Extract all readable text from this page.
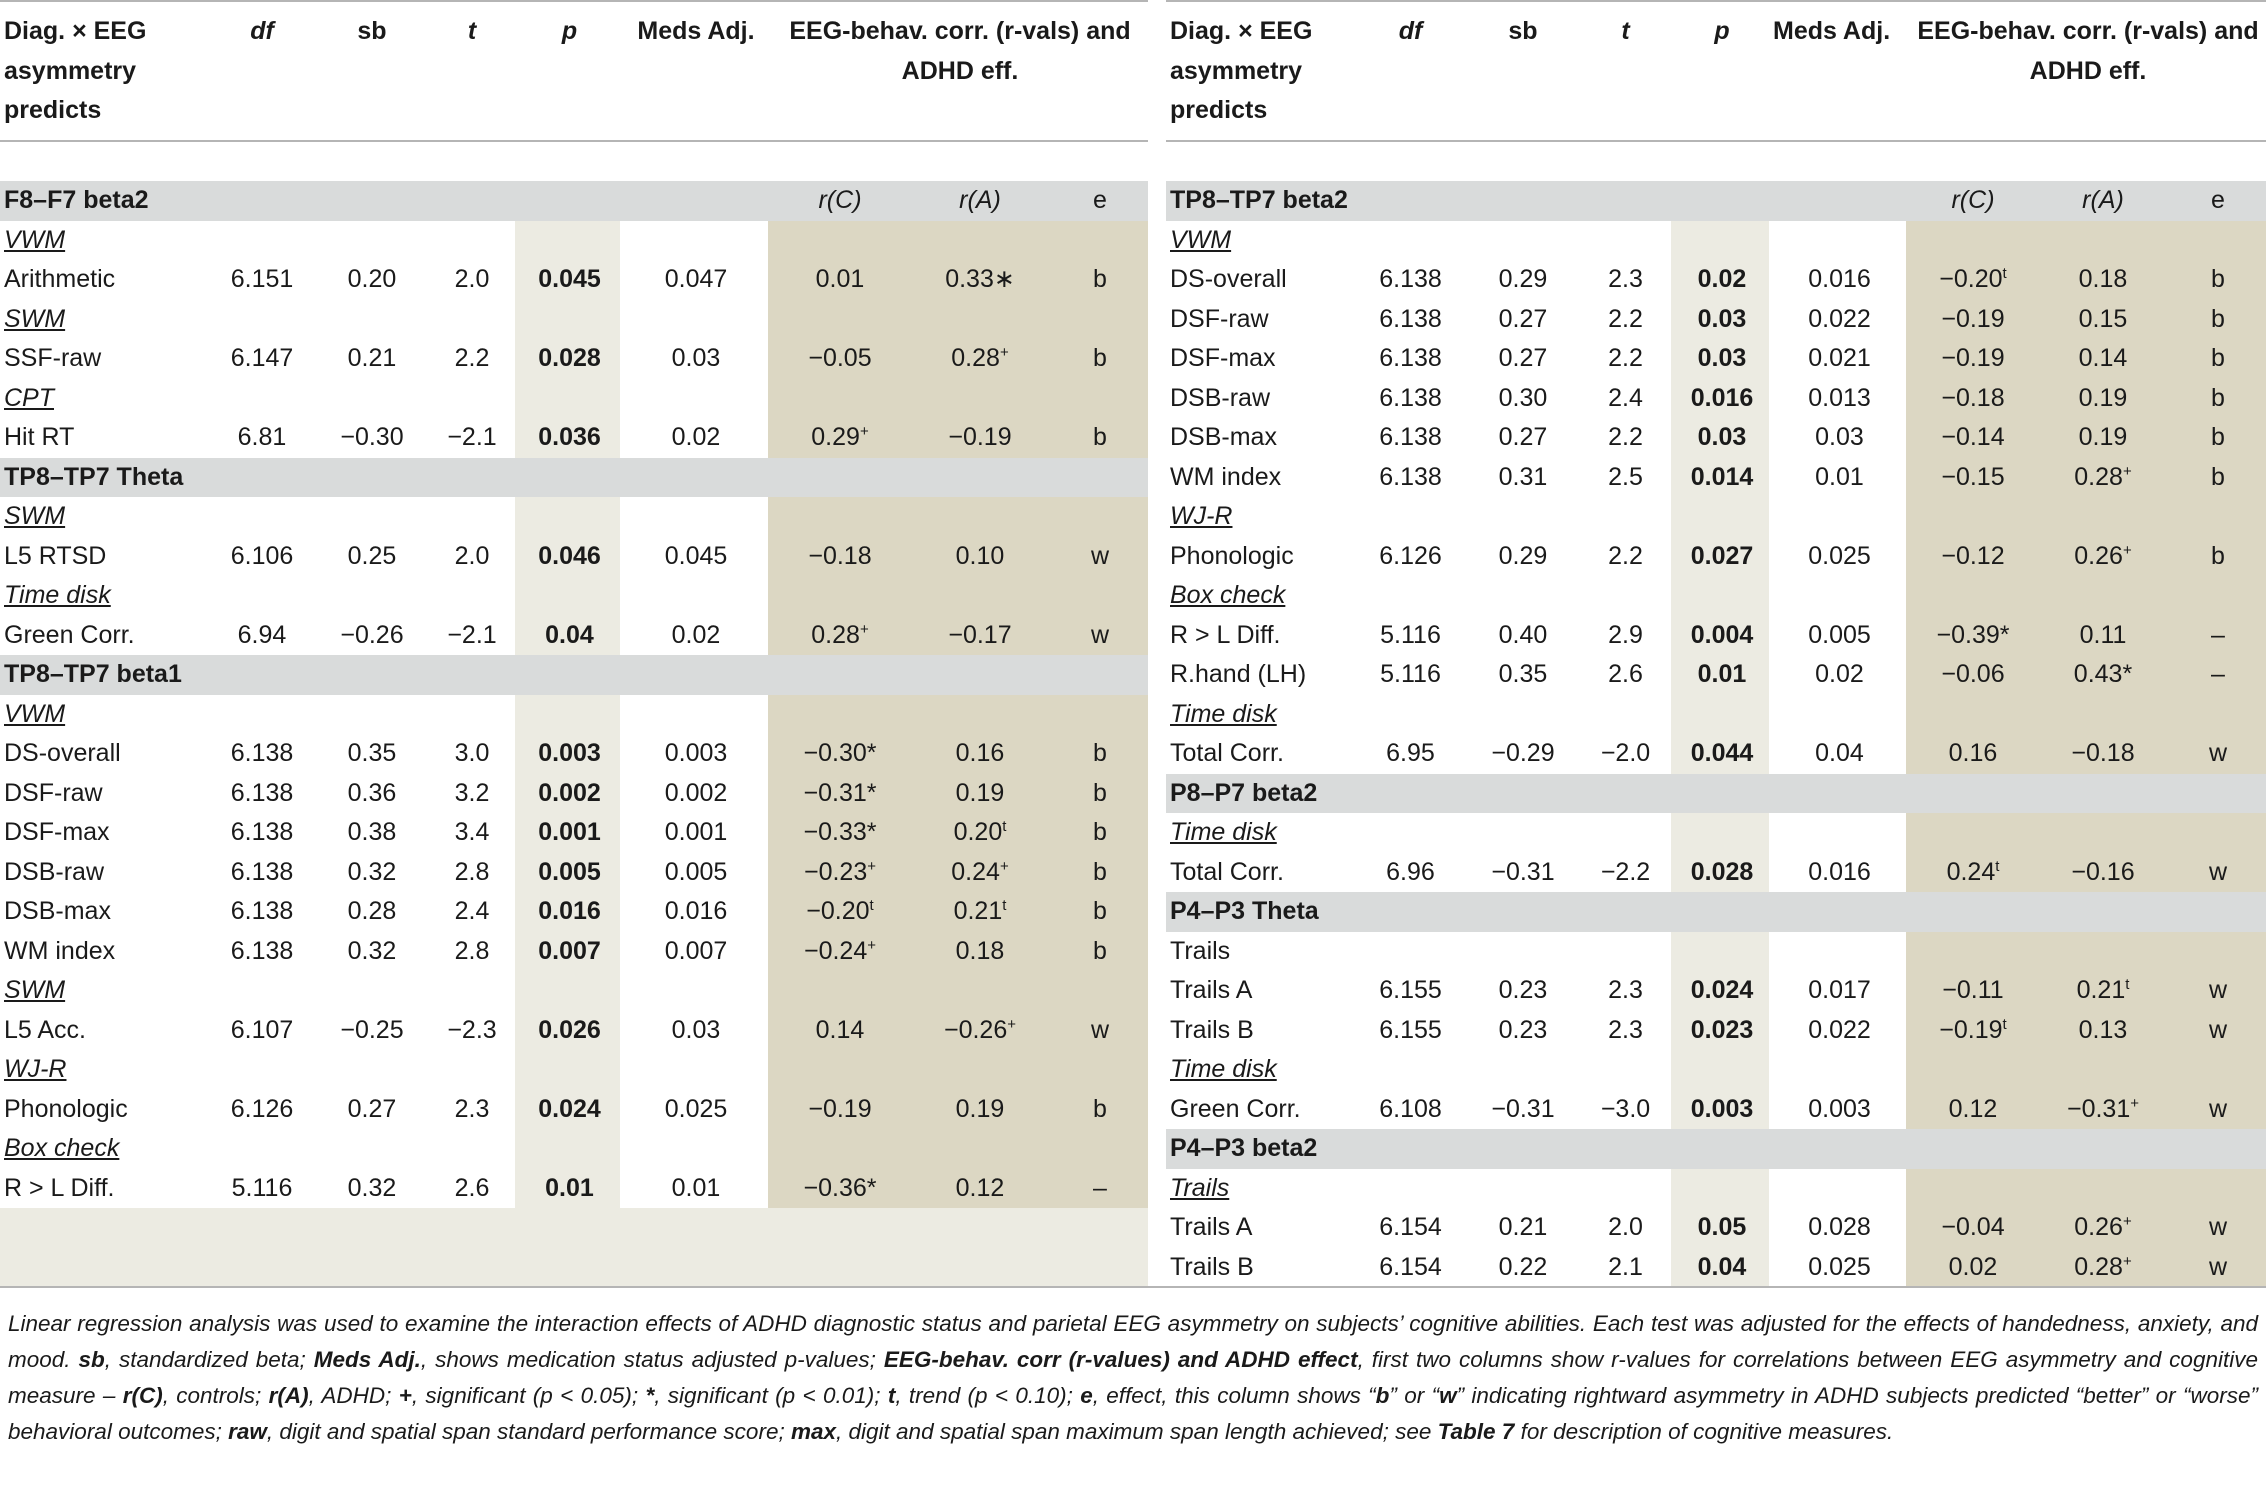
Diag. × EEG asymmetry predicts	df	sb	t	p	Meds Adj.	EEG-behav. corr. (r-vals) and ADHD eff.		

F8–F7 beta2						r(C)	r(A)	e
VWM								
Arithmetic	6.151	0.20	2.0	0.045	0.047	0.01	0.33∗	b
SWM								
SSF-raw	6.147	0.21	2.2	0.028	0.03	−0.05	0.28+	b
CPT								
Hit RT	6.81	−0.30	−2.1	0.036	0.02	0.29+	−0.19	b
TP8–TP7 Theta								
SWM								
L5 RTSD	6.106	0.25	2.0	0.046	0.045	−0.18	0.10	w
Time disk								
Green Corr.	6.94	−0.26	−2.1	0.04	0.02	0.28+	−0.17	w
TP8–TP7 beta1								
VWM								
DS-overall	6.138	0.35	3.0	0.003	0.003	−0.30*	0.16	b
DSF-raw	6.138	0.36	3.2	0.002	0.002	−0.31*	0.19	b
DSF-max	6.138	0.38	3.4	0.001	0.001	−0.33*	0.20$^t$	b
DSB-raw	6.138	0.32	2.8	0.005	0.005	−0.23+	0.24+	b
DSB-max	6.138	0.28	2.4	0.016	0.016	$-0.20^t$	0.21$^t$	b
WM index	6.138	0.32	2.8	0.007	0.007	−0.24+	0.18	b
SWM								
L5 Acc.	6.107	−0.25	−2.3	0.026	0.03	0.14	−0.26+	w
WJ-R								
Phonologic	6.126	0.27	2.3	0.024	0.025	−0.19	0.19	b
Box check								
R > L Diff.	5.116	0.32	2.6	0.01	0.01	−0.36*	0.12	–

Diag. × EEG asymmetry predicts	df	sb	t	p	Meds Adj.	EEG-behav. corr. (r-vals) and ADHD eff.		

TP8–TP7 beta2						r(C)	r(A)	e
VWM								
DS-overall	6.138	0.29	2.3	0.02	0.016	$-0.20^t$	0.18	b
DSF-raw	6.138	0.27	2.2	0.03	0.022	−0.19	0.15	b
DSF-max	6.138	0.27	2.2	0.03	0.021	−0.19	0.14	b
DSB-raw	6.138	0.30	2.4	0.016	0.013	−0.18	0.19	b
DSB-max	6.138	0.27	2.2	0.03	0.03	−0.14	0.19	b
WM index	6.138	0.31	2.5	0.014	0.01	−0.15	0.28+	b
WJ-R								
Phonologic	6.126	0.29	2.2	0.027	0.025	−0.12	0.26+	b
Box check								
R > L Diff.	5.116	0.40	2.9	0.004	0.005	−0.39*	0.11	–
R.hand (LH)	5.116	0.35	2.6	0.01	0.02	−0.06	0.43*	–
Time disk								
Total Corr.	6.95	−0.29	−2.0	0.044	0.04	0.16	−0.18	w
P8–P7 beta2								
Time disk								
Total Corr.	6.96	−0.31	−2.2	0.028	0.016	$0.24^t$	−0.16	w
P4–P3 Theta								
Trails								
Trails A	6.155	0.23	2.3	0.024	0.017	−0.11	0.21$^t$	w
Trails B	6.155	0.23	2.3	0.023	0.022	$-0.19^t$	0.13	w
Time disk								
Green Corr.	6.108	−0.31	−3.0	0.003	0.003	0.12	−0.31+	w
P4–P3 beta2								
Trails								
Trails A	6.154	0.21	2.0	0.05	0.028	−0.04	0.26+	w
Trails B	6.154	0.22	2.1	0.04	0.025	0.02	0.28+	w
Linear regression analysis was used to examine the interaction effects of ADHD diagnostic status and parietal EEG asymmetry on subjects’ cognitive abilities. Each test was adjusted for the effects of handedness, anxiety, and mood. sb, standardized beta; Meds Adj., shows medication status adjusted p-values; EEG-behav. corr (r-values) and ADHD effect, first two columns show r-values for correlations between EEG asymmetry and cognitive measure – r(C), controls; r(A), ADHD; +, significant (p < 0.05); *, significant (p < 0.01); t, trend (p < 0.10); e, effect, this column shows “b” or “w” indicating rightward asymmetry in ADHD subjects predicted “better” or “worse” behavioral outcomes; raw, digit and spatial span standard performance score; max, digit and spatial span maximum span length achieved; see Table 7 for description of cognitive measures.
